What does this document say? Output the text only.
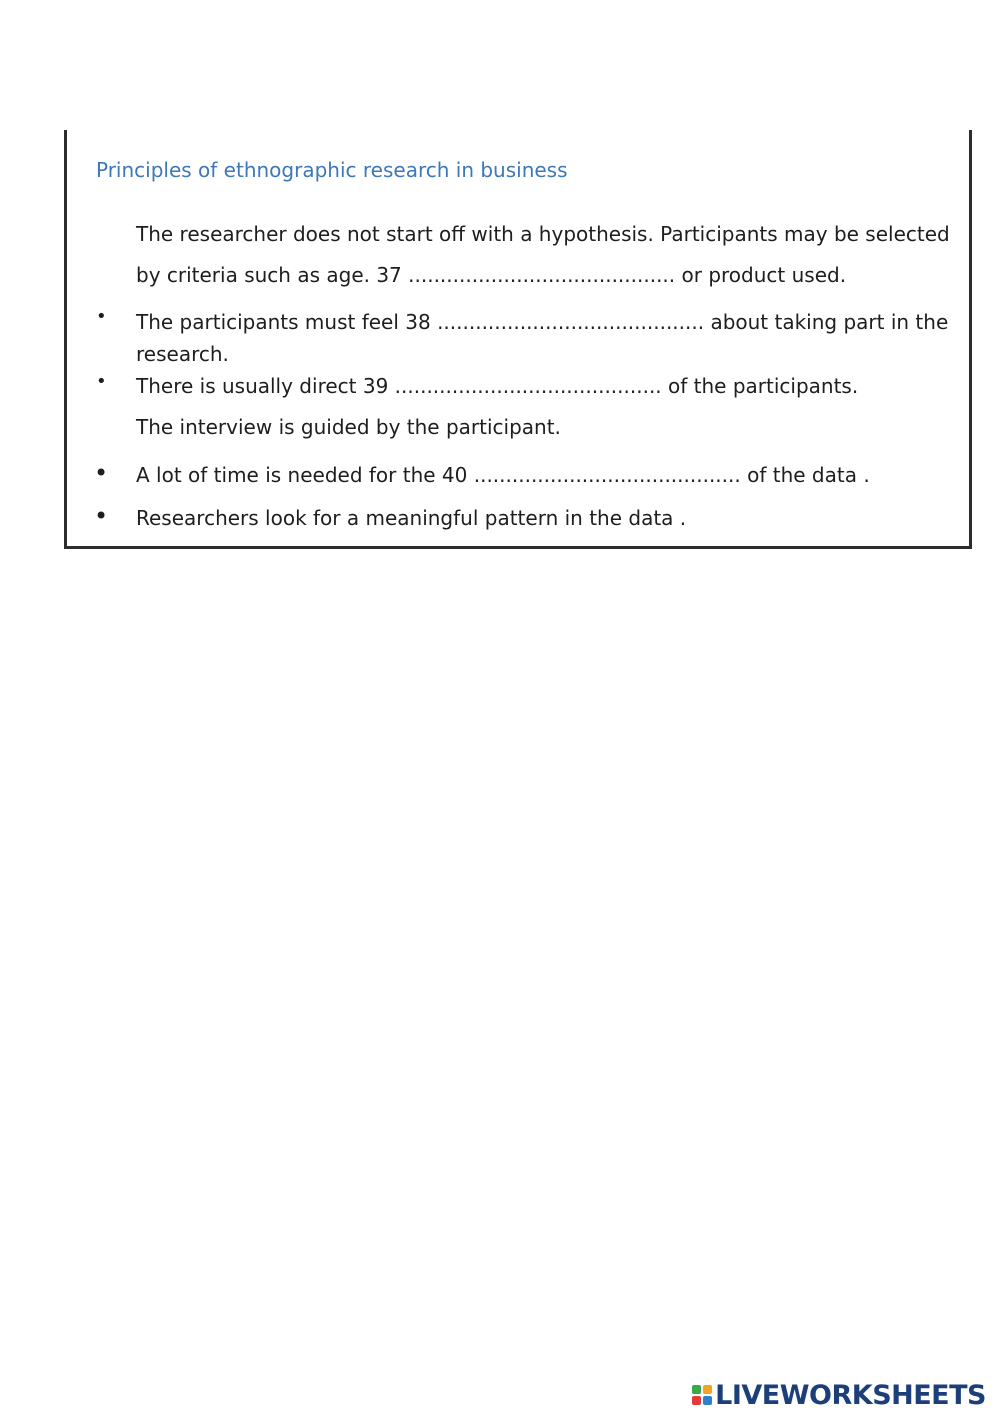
Principles of ethnographic research in business
The researcher does not start off with a hypothesis. Participants may be selected
by criteria such as age. 37 .......................................... or product used.
• The participants must feel 38 .......................................... about taking part in the
research.
• There is usually direct 39 .......................................... of the participants.
The interview is guided by the participant.
• A lot of time is needed for the 40 .......................................... of the data .
• Researchers look for a meaningful pattern in the data .
LIVEWORKSHEETS
